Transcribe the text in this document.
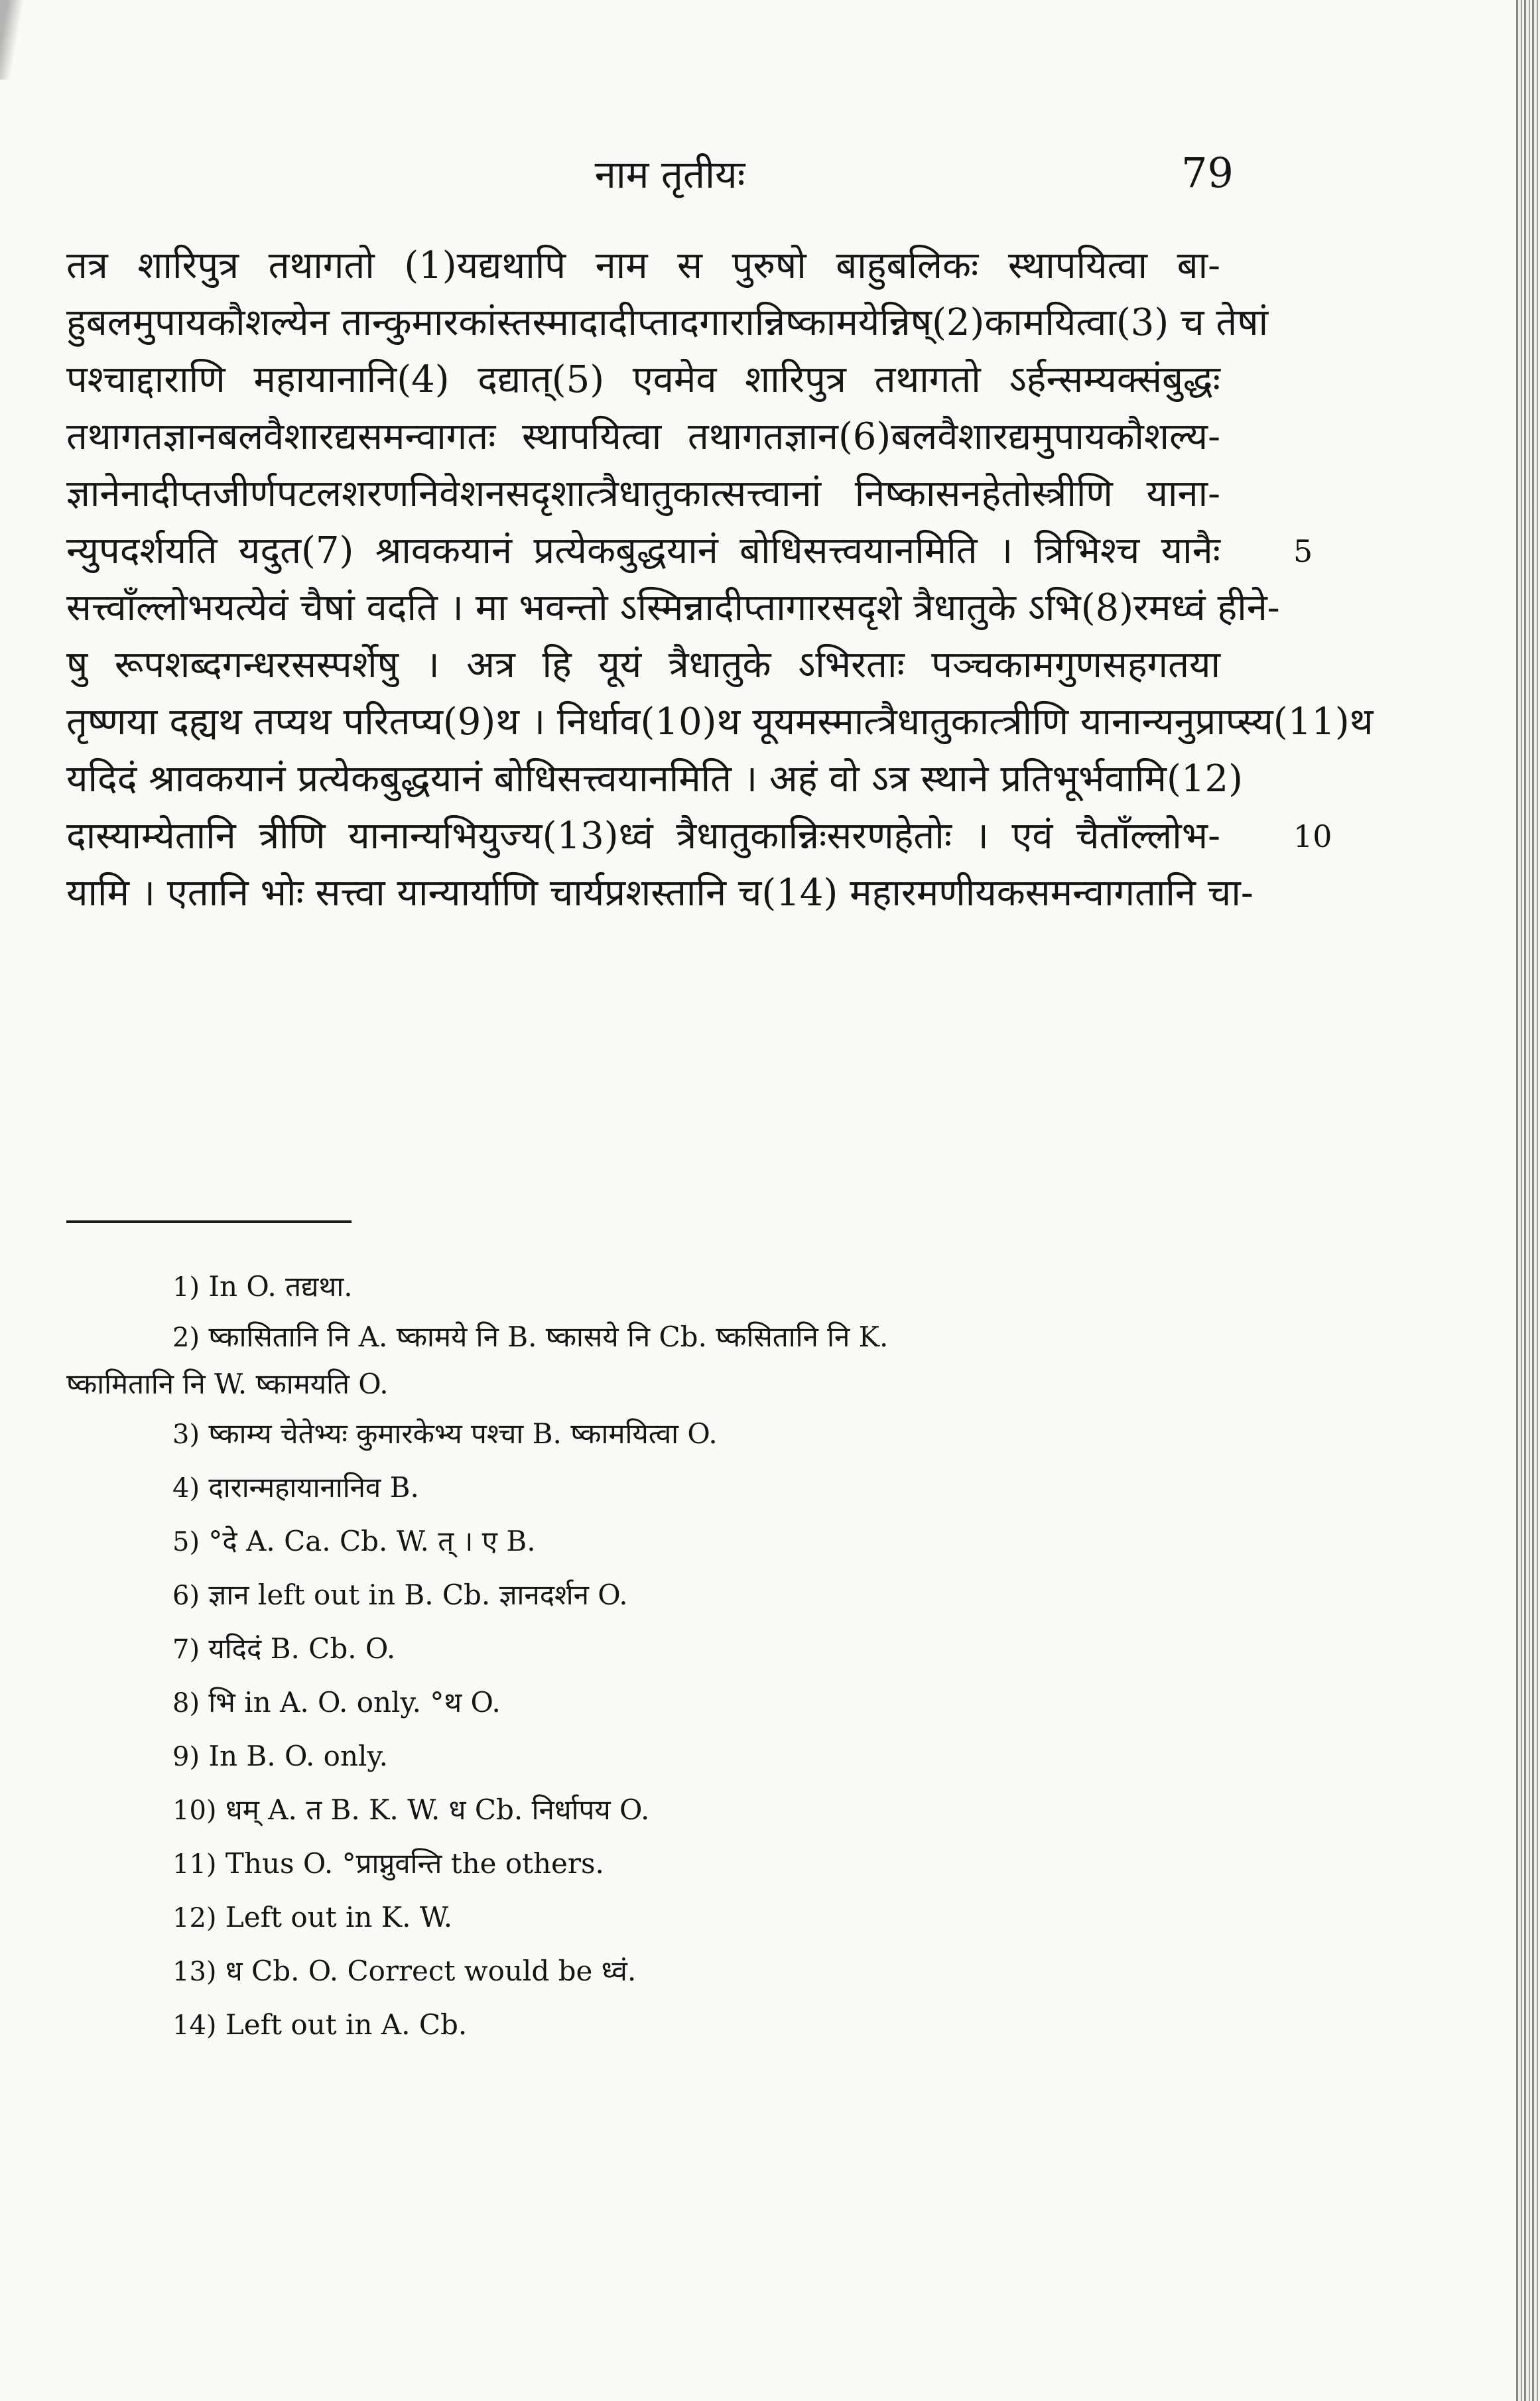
नाम तृतीयः	79
तत्र शारिपुत्र तथागतो (1)यद्यथापि नाम स पुरुषो बाहुबलिकः स्थापयित्वा बा-
हुबलमुपायकौशल्येन तान्कुमारकांस्तस्मादादीप्तादगारान्निष्कामयेन्निष्(2)कामयित्वा(3) च तेषां
पश्चाद्दाराणि महायानानि(4) दद्यात्(5) एवमेव शारिपुत्र तथागतो ऽर्हन्सम्यक्संबुद्धः
तथागतज्ञानबलवैशारद्यसमन्वागतः स्थापयित्वा तथागतज्ञान(6)बलवैशारद्यमुपायकौशल्य-
ज्ञानेनादीप्तजीर्णपटलशरणनिवेशनसदृशात्त्रैधातुकात्सत्त्वानां निष्कासनहेतोस्त्रीणि याना-
5
न्युपदर्शयति यदुत(7) श्रावकयानं प्रत्येकबुद्धयानं बोधिसत्त्वयानमिति । त्रिभिश्च यानैः
सत्त्वाँल्लोभयत्येवं चैषां वदति । मा भवन्तो ऽस्मिन्नादीप्तागारसदृशे त्रैधातुके ऽभि(8)रमध्वं हीने-
षु रूपशब्दगन्धरसस्पर्शेषु । अत्र हि यूयं त्रैधातुके ऽभिरताः पञ्चकामगुणसहगतया
तृष्णया दह्यथ तप्यथ परितप्य(9)थ । निर्धाव(10)थ यूयमस्मात्त्रैधातुकात्त्रीणि यानान्यनुप्राप्स्य(11)थ
यदिदं श्रावकयानं प्रत्येकबुद्धयानं बोधिसत्त्वयानमिति । अहं वो ऽत्र स्थाने प्रतिभूर्भवामि(12)
10
दास्याम्येतानि त्रीणि यानान्यभियुज्य(13)ध्वं त्रैधातुकान्निःसरणहेतोः । एवं चैताँल्लोभ-
यामि । एतानि भोः सत्त्वा यान्यार्याणि चार्यप्रशस्तानि च(14) महारमणीयकसमन्वागतानि चा-
1) In O. तद्यथा.
2) ष्कासितानि नि A. ष्कामये नि B. ष्कासये नि Cb. ष्कसितानि नि K.
ष्कामितानि नि W. ष्कामयति O.
3) ष्काम्य चेतेभ्यः कुमारकेभ्य पश्चा B. ष्कामयित्वा O.
4) दारान्महायानानिव B.
5) °दे A. Ca. Cb. W. त् । ए B.
6) ज्ञान left out in B. Cb. ज्ञानदर्शन O.
7) यदिदं B. Cb. O.
8) भि in A. O. only. °थ O.
9) In B. O. only.
10) धम् A. त B. K. W. ध Cb. निर्धापय O.
11) Thus O. °प्राप्नुवन्ति the others.
12) Left out in K. W.
13) ध Cb. O. Correct would be ध्वं.
14) Left out in A. Cb.
